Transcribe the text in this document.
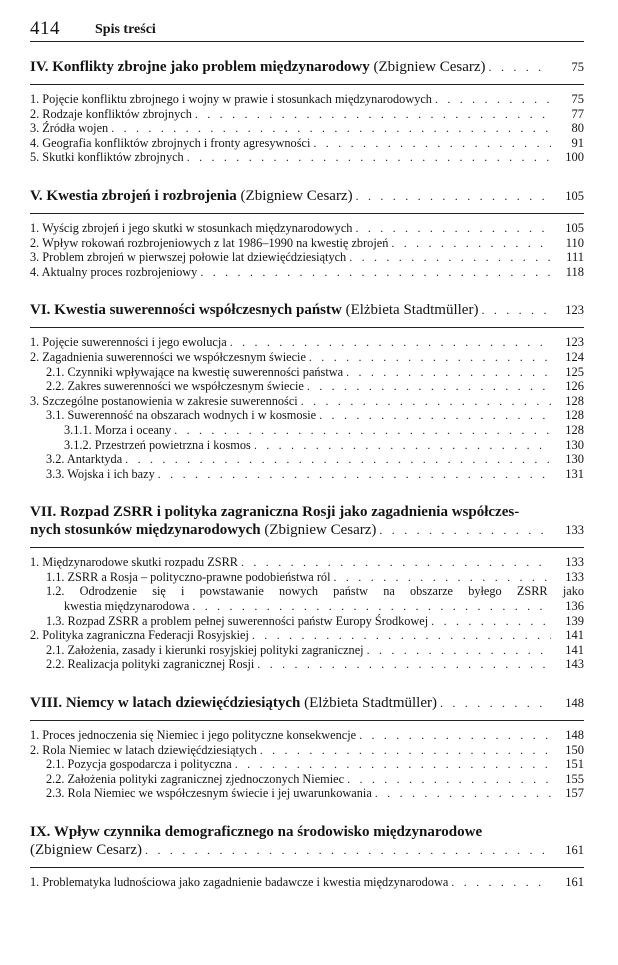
414	Spis treści
IV. Konflikty zbrojne jako problem międzynarodowy (Zbigniew Cesarz) . . .	75
1. Pojęcie konfliktu zbrojnego i wojny w prawie i stosunkach międzynarodowych . . .	75
2. Rodzaje konfliktów zbrojnych . . .	77
3. Źródła wojen . . .	80
4. Geografia konfliktów zbrojnych i fronty agresywności . . .	91
5. Skutki konfliktów zbrojnych . . .	100
V. Kwestia zbrojeń i rozbrojenia (Zbigniew Cesarz) . . .	105
1. Wyścig zbrojeń i jego skutki w stosunkach międzynarodowych . . .	105
2. Wpływ rokowań rozbrojeniowych z lat 1986–1990 na kwestię zbrojeń . . .	110
3. Problem zbrojeń w pierwszej połowie lat dziewięćdziesiątych . . .	111
4. Aktualny proces rozbrojeniowy . . .	118
VI. Kwestia suwerenności współczesnych państw (Elżbieta Stadtmüller) . . .	123
1. Pojęcie suwerenności i jego ewolucja . . .	123
2. Zagadnienia suwerenności we współczesnym świecie . . .	124
2.1. Czynniki wpływające na kwestię suwerenności państwa . . .	125
2.2. Zakres suwerenności we współczesnym świecie . . .	126
3. Szczególne postanowienia w zakresie suwerenności . . .	128
3.1. Suwerenność na obszarach wodnych i w kosmosie . . .	128
3.1.1. Morza i oceany . . .	128
3.1.2. Przestrzeń powietrzna i kosmos . . .	130
3.2. Antarktyda . . .	130
3.3. Wojska i ich bazy . . .	131
VII. Rozpad ZSRR i polityka zagraniczna Rosji jako zagadnienia współczes-
nych stosunków międzynarodowych (Zbigniew Cesarz) . . .	133
1. Międzynarodowe skutki rozpadu ZSRR . . .	133
1.1. ZSRR a Rosja – polityczno-prawne podobieństwa ról . . .	133
1.2. Odrodzenie się i powstawanie nowych państw na obszarze byłego ZSRR jako
kwestia międzynarodowa . . .	136
1.3. Rozpad ZSRR a problem pełnej suwerenności państw Europy Środkowej . . .	139
2. Polityka zagraniczna Federacji Rosyjskiej . . .	141
2.1. Założenia, zasady i kierunki rosyjskiej polityki zagranicznej . . .	141
2.2. Realizacja polityki zagranicznej Rosji . . .	143
VIII. Niemcy w latach dziewięćdziesiątych (Elżbieta Stadtmüller) . . .	148
1. Proces jednoczenia się Niemiec i jego polityczne konsekwencje . . .	148
2. Rola Niemiec w latach dziewięćdziesiątych . . .	150
2.1. Pozycja gospodarcza i polityczna . . .	151
2.2. Założenia polityki zagranicznej zjednoczonych Niemiec . . .	155
2.3. Rola Niemiec we współczesnym świecie i jej uwarunkowania . . .	157
IX. Wpływ czynnika demograficznego na środowisko międzynarodowe
(Zbigniew Cesarz) . . .	161
1. Problematyka ludnościowa jako zagadnienie badawcze i kwestia międzynarodowa . . .	161
